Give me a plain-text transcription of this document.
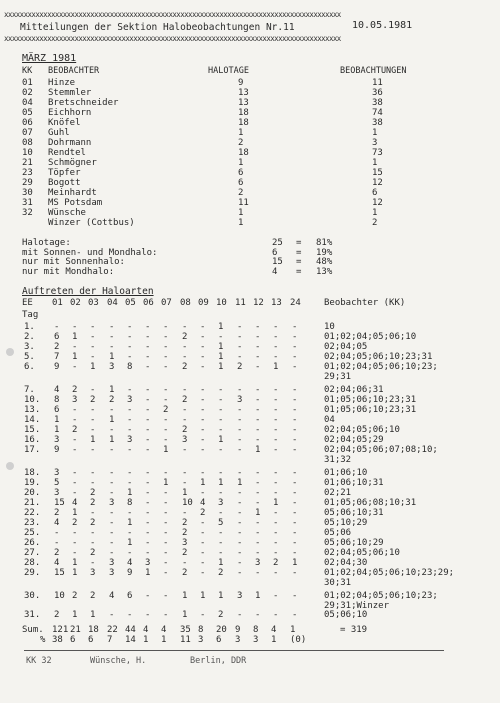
xxxxxxxxxxxxxxxxxxxxxxxxxxxxxxxxxxxxxxxxxxxxxxxxxxxxxxxxxxxxxxxxxxxxxxxxxxxxxxxxxxxxxx
Mitteilungen der Sektion Halobeobachtungen Nr.11	10.05.1981
xxxxxxxxxxxxxxxxxxxxxxxxxxxxxxxxxxxxxxxxxxxxxxxxxxxxxxxxxxxxxxxxxxxxxxxxxxxxxxxxxxxxxx
MÄRZ 1981
KK BEOBACHTER	HALOTAGE	BEOBACHTUNGEN
01 Hinze	9	11
02 Stemmler	13	36
04 Bretschneider	13	38
05 Eichhorn	18	74
06 Knöfel	18	38
07 Guhl	1	1
08 Dohrmann	2	3
10 Rendtel	18	73
21 Schmögner	1	1
23 Töpfer	6	15
29 Bogott	6	12
30 Meinhardt	2	6
31 MS Potsdam	11	12
32 Wünsche	1	1
Winzer (Cottbus)	1	2
Halotage:	25 = 81%
mit Sonnen- und Mondhalo:	6 = 19%
nur mit Sonnenhalo:	15 = 48%
nur mit Mondhalo:	4 = 13%
Auftreten der Haloarten
EE 01 02 03 04 05 06 07 08 09 10 11 12 13 24	Beobachter (KK)
Tag
1. - - - - - - - - - 1 - - - -	10
2. 6 1 - - - - - 2 - - - - - -	01;02;04;05;06;10
3. 2 - - - - - - - - 1 - - - -	02;04;05
5. 7 1 - 1 - - - - - 1 - - - -	02;04;05;06;10;23;31
6. 9 - 1 3 8 - - 2 - 1 2 - 1 -	01;02;04;05;06;10;23;
29;31
7. 4 2 - 1 - - - - - - - - - -	02;04;06;31
10. 8 3 2 2 3 - - 2 - - 3 - - -	01;05;06;10;23;31
13. 6 - - - - - 2 - - - - - - -	01;05;06;10;23;31
14. 1 - - 1 - - - - - - - - - -	04
15. 1 2 - - - - - 2 - - - - - -	02;04;05;06;10
16. 3 - 1 1 3 - - 3 - 1 - - - -	02;04;05;29
17. 9 - - - - - 1 - - - - 1 - -	02;04;05;06;07;08;10;
31;32
18. 3 - - - - - - - - - - - - -	01;06;10
19. 5 - - - - - 1 - 1 1 1 - - -	01;06;10;31
20. 3 - 2 - 1 - - 1 - - - - - -	02;21
21. 15 4 2 3 8 - - 10 4 3 - - 1 -	01;05;06;08;10;31
22. 2 1 - - - - - - 2 - - 1 - -	05;06;10;31
23. 4 2 2 - 1 - - 2 - 5 - - - -	05;10;29
25. - - - - - - - 2 - - - - - -	05;06
26. - - - - 1 - - 3 - - - - - -	05;06;10;29
27. 2 - 2 - - - - 2 - - - - - -	02;04;05;06;10
28. 4 1 - 3 4 3 - - - 1 - 3 2 1	02;04;30
29. 15 1 3 3 9 1 - 2 - 2 - - - -	01;02;04;05;06;10;23;29;
30;31
30. 10 2 2 4 6 - - 1 1 1 3 1 - -	01;02;04;05;06;10;23;
29;31;Winzer
31. 2 1 1 - - - - 1 - 2 - - - -	05;06;10
Sum. 121 21 18 22 44 4 4 35 8 20 9 8 4 1	= 319
% 38 6 6 7 14 1 1 11 3 6 3 3 1 (0)
KK 32	Wünsche, H.	Berlin, DDR
